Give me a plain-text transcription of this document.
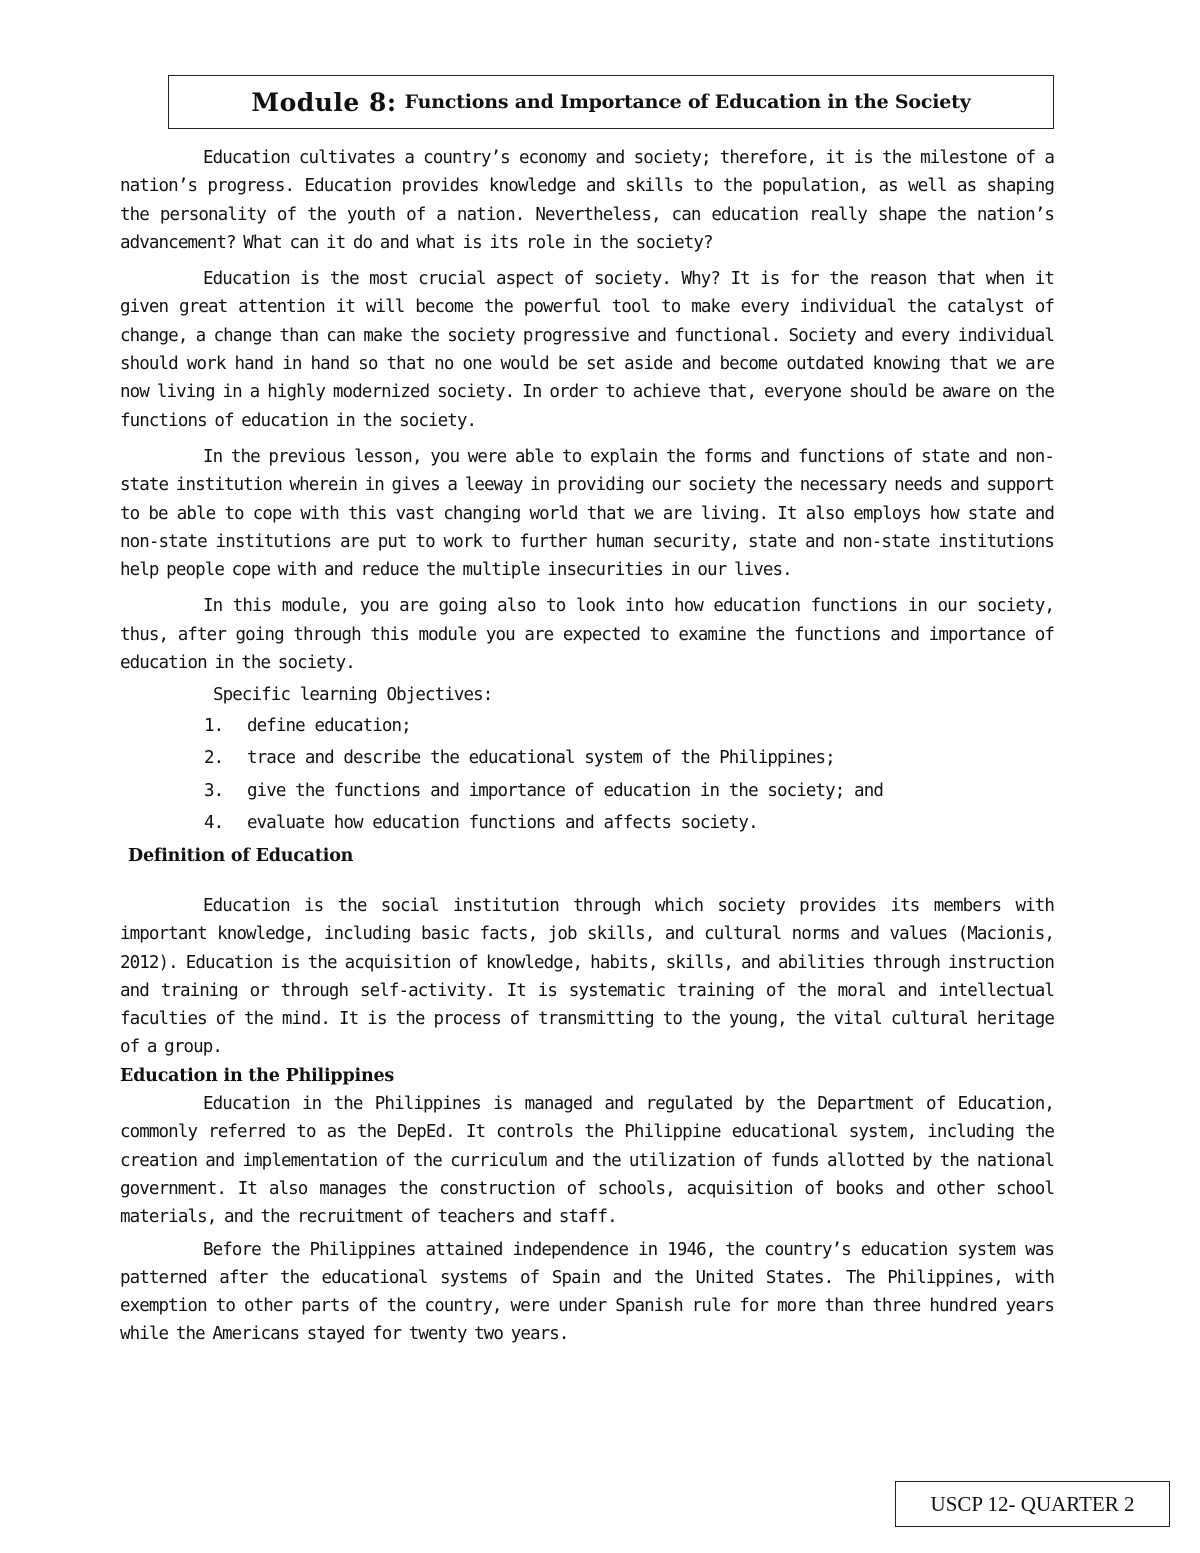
Module 8: Functions and Importance of Education in the Society

Education cultivates a country’s economy and society; therefore, it is the milestone of a nation’s progress. Education provides knowledge and skills to the population, as well as shaping the personality of the youth of a nation. Nevertheless, can education really shape the nation’s advancement? What can it do and what is its role in the society?

Education is the most crucial aspect of society. Why? It is for the reason that when it given great attention it will become the powerful tool to make every individual the catalyst of change, a change than can make the society progressive and functional. Society and every individual should work hand in hand so that no one would be set aside and become outdated knowing that we are now living in a highly modernized society. In order to achieve that, everyone should be aware on the functions of education in the society.

In the previous lesson, you were able to explain the forms and functions of state and non-state institution wherein in gives a leeway in providing our society the necessary needs and support to be able to cope with this vast changing world that we are living. It also employs how state and non-state institutions are put to work to further human security, state and non-state institutions help people cope with and reduce the multiple insecurities in our lives.

In this module, you are going also to look into how education functions in our society, thus, after going through this module you are expected to examine the functions and importance of education in the society.

Specific learning Objectives:
1.	define education;
2.	trace and describe the educational system of the Philippines;
3.	give the functions and importance of education in the society; and
4.	evaluate how education functions and affects society.
Definition of Education

Education is the social institution through which society provides its members with important knowledge, including basic facts, job skills, and cultural norms and values (Macionis, 2012). Education is the acquisition of knowledge, habits, skills, and abilities through instruction and training or through self-activity. It is systematic training of the moral and intellectual faculties of the mind. It is the process of transmitting to the young, the vital cultural heritage of a group.

Education in the Philippines

Education in the Philippines is managed and regulated by the Department of Education, commonly referred to as the DepEd. It controls the Philippine educational system, including the creation and implementation of the curriculum and the utilization of funds allotted by the national government. It also manages the construction of schools, acquisition of books and other school materials, and the recruitment of teachers and staff.

Before the Philippines attained independence in 1946, the country’s education system was patterned after the educational systems of Spain and the United States. The Philippines, with exemption to other parts of the country, were under Spanish rule for more than three hundred years while the Americans stayed for twenty two years.

USCP 12- QUARTER 2
